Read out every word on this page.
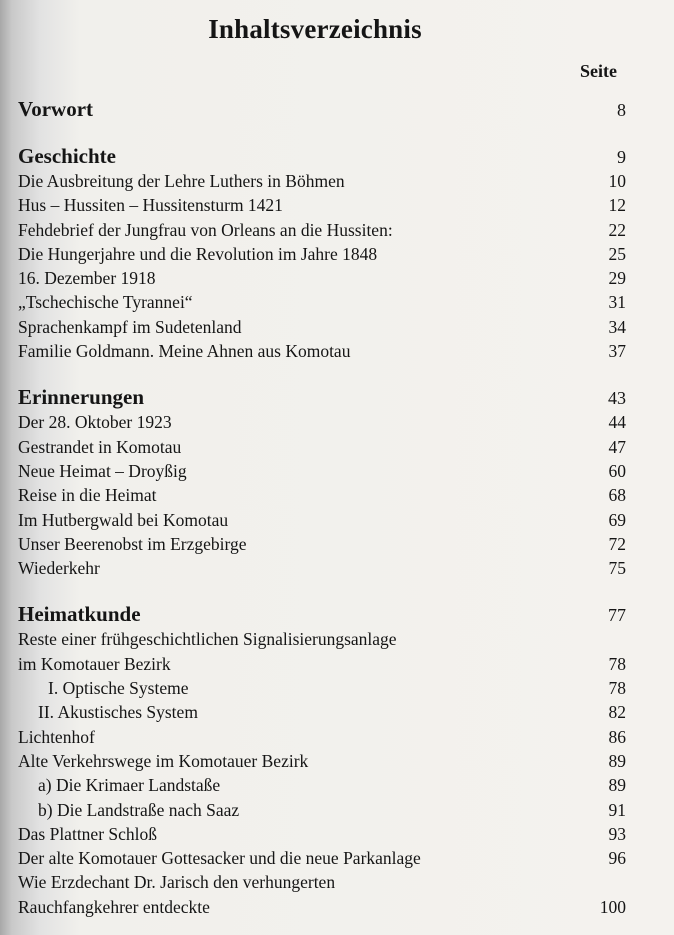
Inhaltsverzeichnis
Seite
Vorwort	8
Geschichte	9
Die Ausbreitung der Lehre Luthers in Böhmen	10
Hus – Hussiten – Hussitensturm 1421	12
Fehdebrief der Jungfrau von Orleans an die Hussiten:	22
Die Hungerjahre und die Revolution im Jahre 1848	25
16. Dezember 1918	29
„Tschechische Tyrannei“	31
Sprachenkampf im Sudetenland	34
Familie Goldmann. Meine Ahnen aus Komotau	37
Erinnerungen	43
Der 28. Oktober 1923	44
Gestrandet in Komotau	47
Neue Heimat – Droyßig	60
Reise in die Heimat	68
Im Hutbergwald bei Komotau	69
Unser Beerenobst im Erzgebirge	72
Wiederkehr	75
Heimatkunde	77
Reste einer frühgeschichtlichen Signalisierungsanlage
im Komotauer Bezirk	78
I. Optische Systeme	78
II. Akustisches System	82
Lichtenhof	86
Alte Verkehrswege im Komotauer Bezirk	89
a) Die Krimaer Landstaße	89
b) Die Landstraße nach Saaz	91
Das Plattner Schloß	93
Der alte Komotauer Gottesacker und die neue Parkanlage	96
Wie Erzdechant Dr. Jarisch den verhungerten
Rauchfangkehrer entdeckte	100
